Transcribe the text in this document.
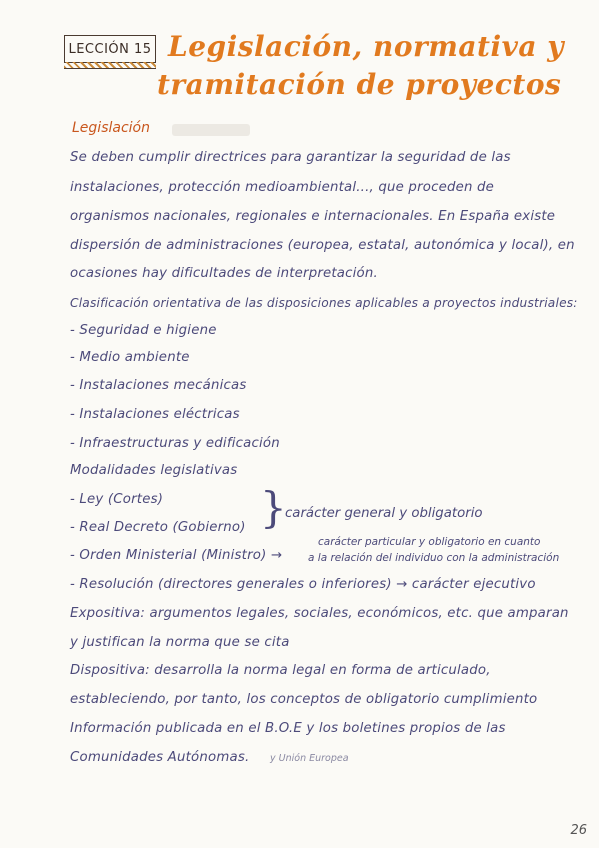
LECCIÓN 15 Legislación, normativa y
tramitación de proyectos
Legislación
Se deben cumplir directrices para garantizar la seguridad de las
instalaciones, protección medioambiental..., que proceden de
organismos nacionales, regionales e internacionales. En España existe
dispersión de administraciones (europea, estatal, autonómica y local), en
ocasiones hay dificultades de interpretación.
Clasificación orientativa de las disposiciones aplicables a proyectos industriales:
- Seguridad e higiene
- Medio ambiente
- Instalaciones mecánicas
- Instalaciones eléctricas
- Infraestructuras y edificación
Modalidades legislativas
- Ley (Cortes)
- Real Decreto (Gobierno) }
carácter general y obligatorio
- Orden Ministerial (Ministro) →
carácter particular y obligatorio en cuanto
a la relación del individuo con la administración
- Resolución (directores generales o inferiores) → carácter ejecutivo
Expositiva: argumentos legales, sociales, económicos, etc. que amparan
y justifican la norma que se cita
Dispositiva: desarrolla la norma legal en forma de articulado,
estableciendo, por tanto, los conceptos de obligatorio cumplimiento
Información publicada en el B.O.E y los boletines propios de las
Comunidades Autónomas. y Unión Europea
26
